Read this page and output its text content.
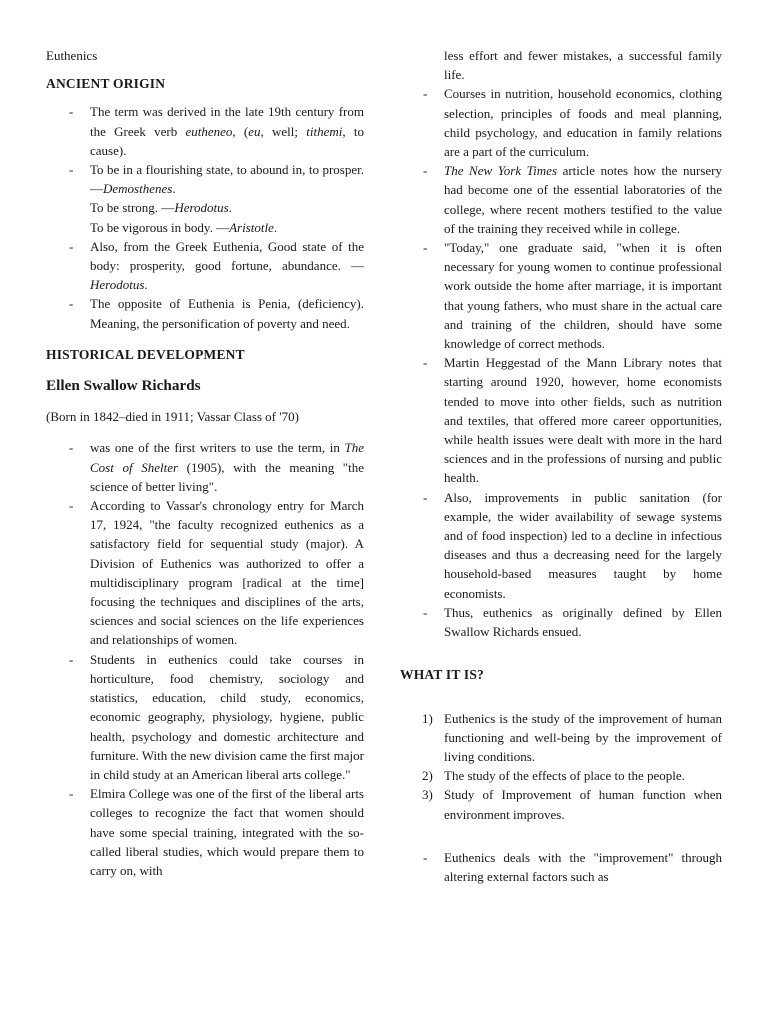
Euthenics

ANCIENT ORIGIN
- The term was derived in the late 19th century from the Greek verb eutheneo, (eu, well; tithemi, to cause).
- To be in a flourishing state, to abound in, to prosper. —Demosthenes.
To be strong. —Herodotus.
To be vigorous in body. —Aristotle.
- Also, from the Greek Euthenia, Good state of the body: prosperity, good fortune, abundance. —Herodotus.
- The opposite of Euthenia is Penia, (deficiency). Meaning, the personification of poverty and need.
HISTORICAL DEVELOPMENT
Ellen Swallow Richards

(Born in 1842–died in 1911; Vassar Class of '70)

- was one of the first writers to use the term, in The Cost of Shelter (1905), with the meaning "the science of better living".
- According to Vassar's chronology entry for March 17, 1924, "the faculty recognized euthenics as a satisfactory field for sequential study (major). A Division of Euthenics was authorized to offer a multidisciplinary program [radical at the time] focusing the techniques and disciplines of the arts, sciences and social sciences on the life experiences and relationships of women.
- Students in euthenics could take courses in horticulture, food chemistry, sociology and statistics, education, child study, economics, economic geography, physiology, hygiene, public health, psychology and domestic architecture and furniture. With the new division came the first major in child study at an American liberal arts college."
- Elmira College was one of the first of the liberal arts colleges to recognize the fact that women should have some special training, integrated with the so-called liberal studies, which would prepare them to carry on, with

less effort and fewer mistakes, a successful family life.

- Courses in nutrition, household economics, clothing selection, principles of foods and meal planning, child psychology, and education in family relations are a part of the curriculum.
- The New York Times article notes how the nursery had become one of the essential laboratories of the college, where recent mothers testified to the value of the training they received while in college.
- "Today," one graduate said, "when it is often necessary for young women to continue professional work outside the home after marriage, it is important that young fathers, who must share in the actual care and training of the children, should have some knowledge of correct methods.
- Martin Heggestad of the Mann Library notes that starting around 1920, however, home economists tended to move into other fields, such as nutrition and textiles, that offered more career opportunities, while health issues were dealt with more in the hard sciences and in the professions of nursing and public health.
- Also, improvements in public sanitation (for example, the wider availability of sewage systems and of food inspection) led to a decline in infectious diseases and thus a decreasing need for the largely household-based measures taught by home economists.
- Thus, euthenics as originally defined by Ellen Swallow Richards ensued.
WHAT IT IS?
1) Euthenics is the study of the improvement of human functioning and well-being by the improvement of living conditions.
2) The study of the effects of place to the people.
3) Study of Improvement of human function when environment improves.
- Euthenics deals with the "improvement" through altering external factors such as
